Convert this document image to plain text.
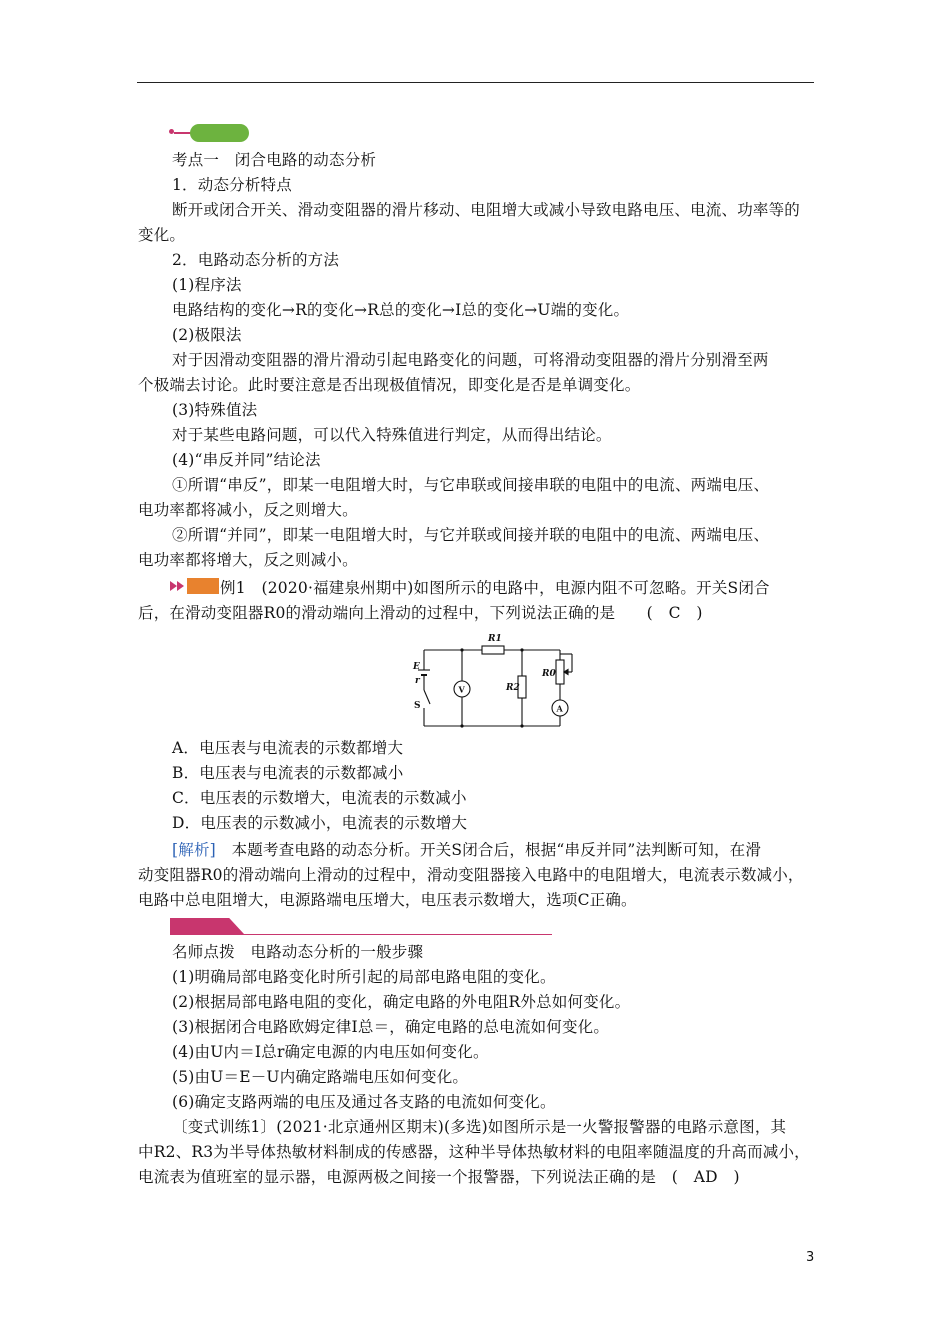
考点一　闭合电路的动态分析
1．动态分析特点
断开或闭合开关、滑动变阻器的滑片移动、电阻增大或减小导致电路电压、电流、功率等的
变化。
2．电路动态分析的方法
(1)程序法
电路结构的变化→R的变化→R总的变化→I总的变化→U端的变化。
(2)极限法
对于因滑动变阻器的滑片滑动引起电路变化的问题，可将滑动变阻器的滑片分别滑至两
个极端去讨论。此时要注意是否出现极值情况，即变化是否是单调变化。
(3)特殊值法
对于某些电路问题，可以代入特殊值进行判定，从而得出结论。
(4)“串反并同”结论法
①所谓“串反”，即某一电阻增大时，与它串联或间接串联的电阻中的电流、两端电压、
电功率都将减小，反之则增大。
②所谓“并同”，即某一电阻增大时，与它并联或间接并联的电阻中的电流、两端电压、
电功率都将增大，反之则减小。
例1　(2020·福建泉州期中)如图所示的电路中，电源内阻不可忽略。开关S闭合
后，在滑动变阻器R0的滑动端向上滑动的过程中，下列说法正确的是　　(　C　)
E
r
S
V
A
R1
R2
R0
A．电压表与电流表的示数都增大
B．电压表与电流表的示数都减小
C．电压表的示数增大，电流表的示数减小
D．电压表的示数减小，电流表的示数增大
[解析]　本题考查电路的动态分析。开关S闭合后，根据“串反并同”法判断可知，在滑
动变阻器R0的滑动端向上滑动的过程中，滑动变阻器接入电路中的电阻增大，电流表示数减小，
电路中总电阻增大，电源路端电压增大，电压表示数增大，选项C正确。
名师点拨　电路动态分析的一般步骤
(1)明确局部电路变化时所引起的局部电路电阻的变化。
(2)根据局部电路电阻的变化，确定电路的外电阻R外总如何变化。
(3)根据闭合电路欧姆定律I总＝，确定电路的总电流如何变化。
(4)由U内＝I总r确定电源的内电压如何变化。
(5)由U＝E－U内确定路端电压如何变化。
(6)确定支路两端的电压及通过各支路的电流如何变化。
〔变式训练1〕(2021·北京通州区期末)(多选)如图所示是一火警报警器的电路示意图，其
中R2、R3为半导体热敏材料制成的传感器，这种半导体热敏材料的电阻率随温度的升高而减小，
电流表为值班室的显示器，电源两极之间接一个报警器，下列说法正确的是　(　AD　)
3
